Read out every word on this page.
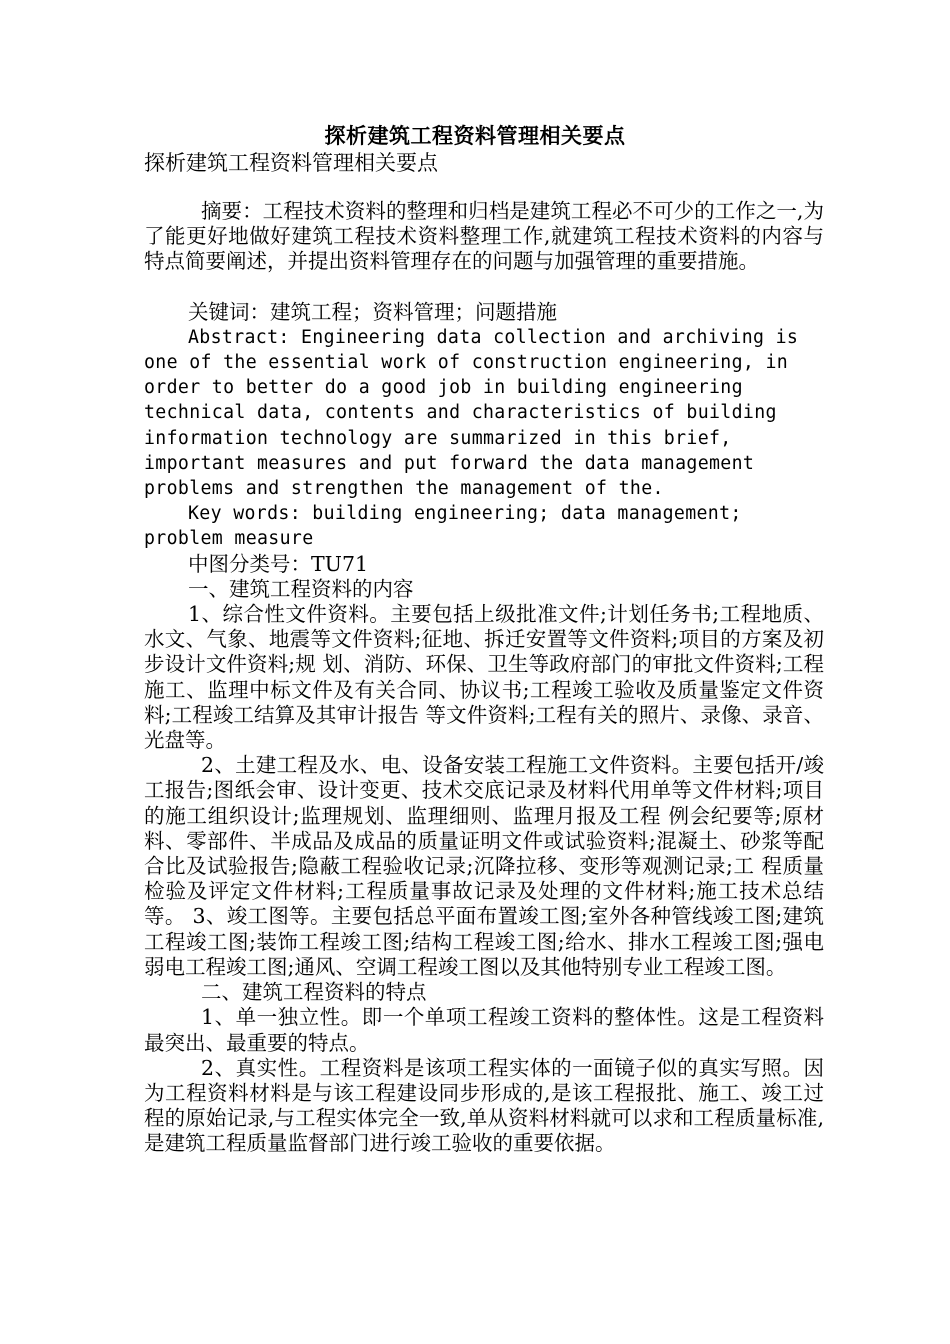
探析建筑工程资料管理相关要点
探析建筑工程资料管理相关要点

摘要：工程技术资料的整理和归档是建筑工程必不可少的工作之一,为了能更好地做好建筑工程技术资料整理工作,就建筑工程技术资料的内容与特点简要阐述，并提出资料管理存在的问题与加强管理的重要措施。

关键词：建筑工程；资料管理；问题措施

Abstract: Engineering data collection and archiving is one of the essential work of construction engineering, in order to better do a good job in building engineering technical data, contents and characteristics of building information technology are summarized in this brief, important measures and put forward the data management problems and strengthen the management of the.

Key words: building engineering; data management; problem measure

中图分类号：TU71

一、建筑工程资料的内容

1、综合性文件资料。主要包括上级批准文件;计划任务书;工程地质、水文、气象、地震等文件资料;征地、拆迁安置等文件资料;项目的方案及初步设计文件资料;规 划、消防、环保、卫生等政府部门的审批文件资料;工程施工、监理中标文件及有关合同、协议书;工程竣工验收及质量鉴定文件资料;工程竣工结算及其审计报告 等文件资料;工程有关的照片、录像、录音、光盘等。

2、土建工程及水、电、设备安装工程施工文件资料。主要包括开/竣工报告;图纸会审、设计变更、技术交底记录及材料代用单等文件材料;项目的施工组织设计;监理规划、监理细则、监理月报及工程 例会纪要等;原材料、零部件、半成品及成品的质量证明文件或试验资料;混凝土、砂浆等配合比及试验报告;隐蔽工程验收记录;沉降拉移、变形等观测记录;工 程质量检验及评定文件材料;工程质量事故记录及处理的文件材料;施工技术总结等。 3、竣工图等。主要包括总平面布置竣工图;室外各种管线竣工图;建筑工程竣工图;装饰工程竣工图;结构工程竣工图;给水、排水工程竣工图;强电弱电工程竣工图;通风、空调工程竣工图以及其他特别专业工程竣工图。

二、建筑工程资料的特点

1、单一独立性。即一个单项工程竣工资料的整体性。这是工程资料最突出、最重要的特点。

2、真实性。工程资料是该项工程实体的一面镜子似的真实写照。因为工程资料材料是与该工程建设同步形成的,是该工程报批、施工、竣工过程的原始记录,与工程实体完全一致,单从资料材料就可以求和工程质量标准,是建筑工程质量监督部门进行竣工验收的重要依据。
